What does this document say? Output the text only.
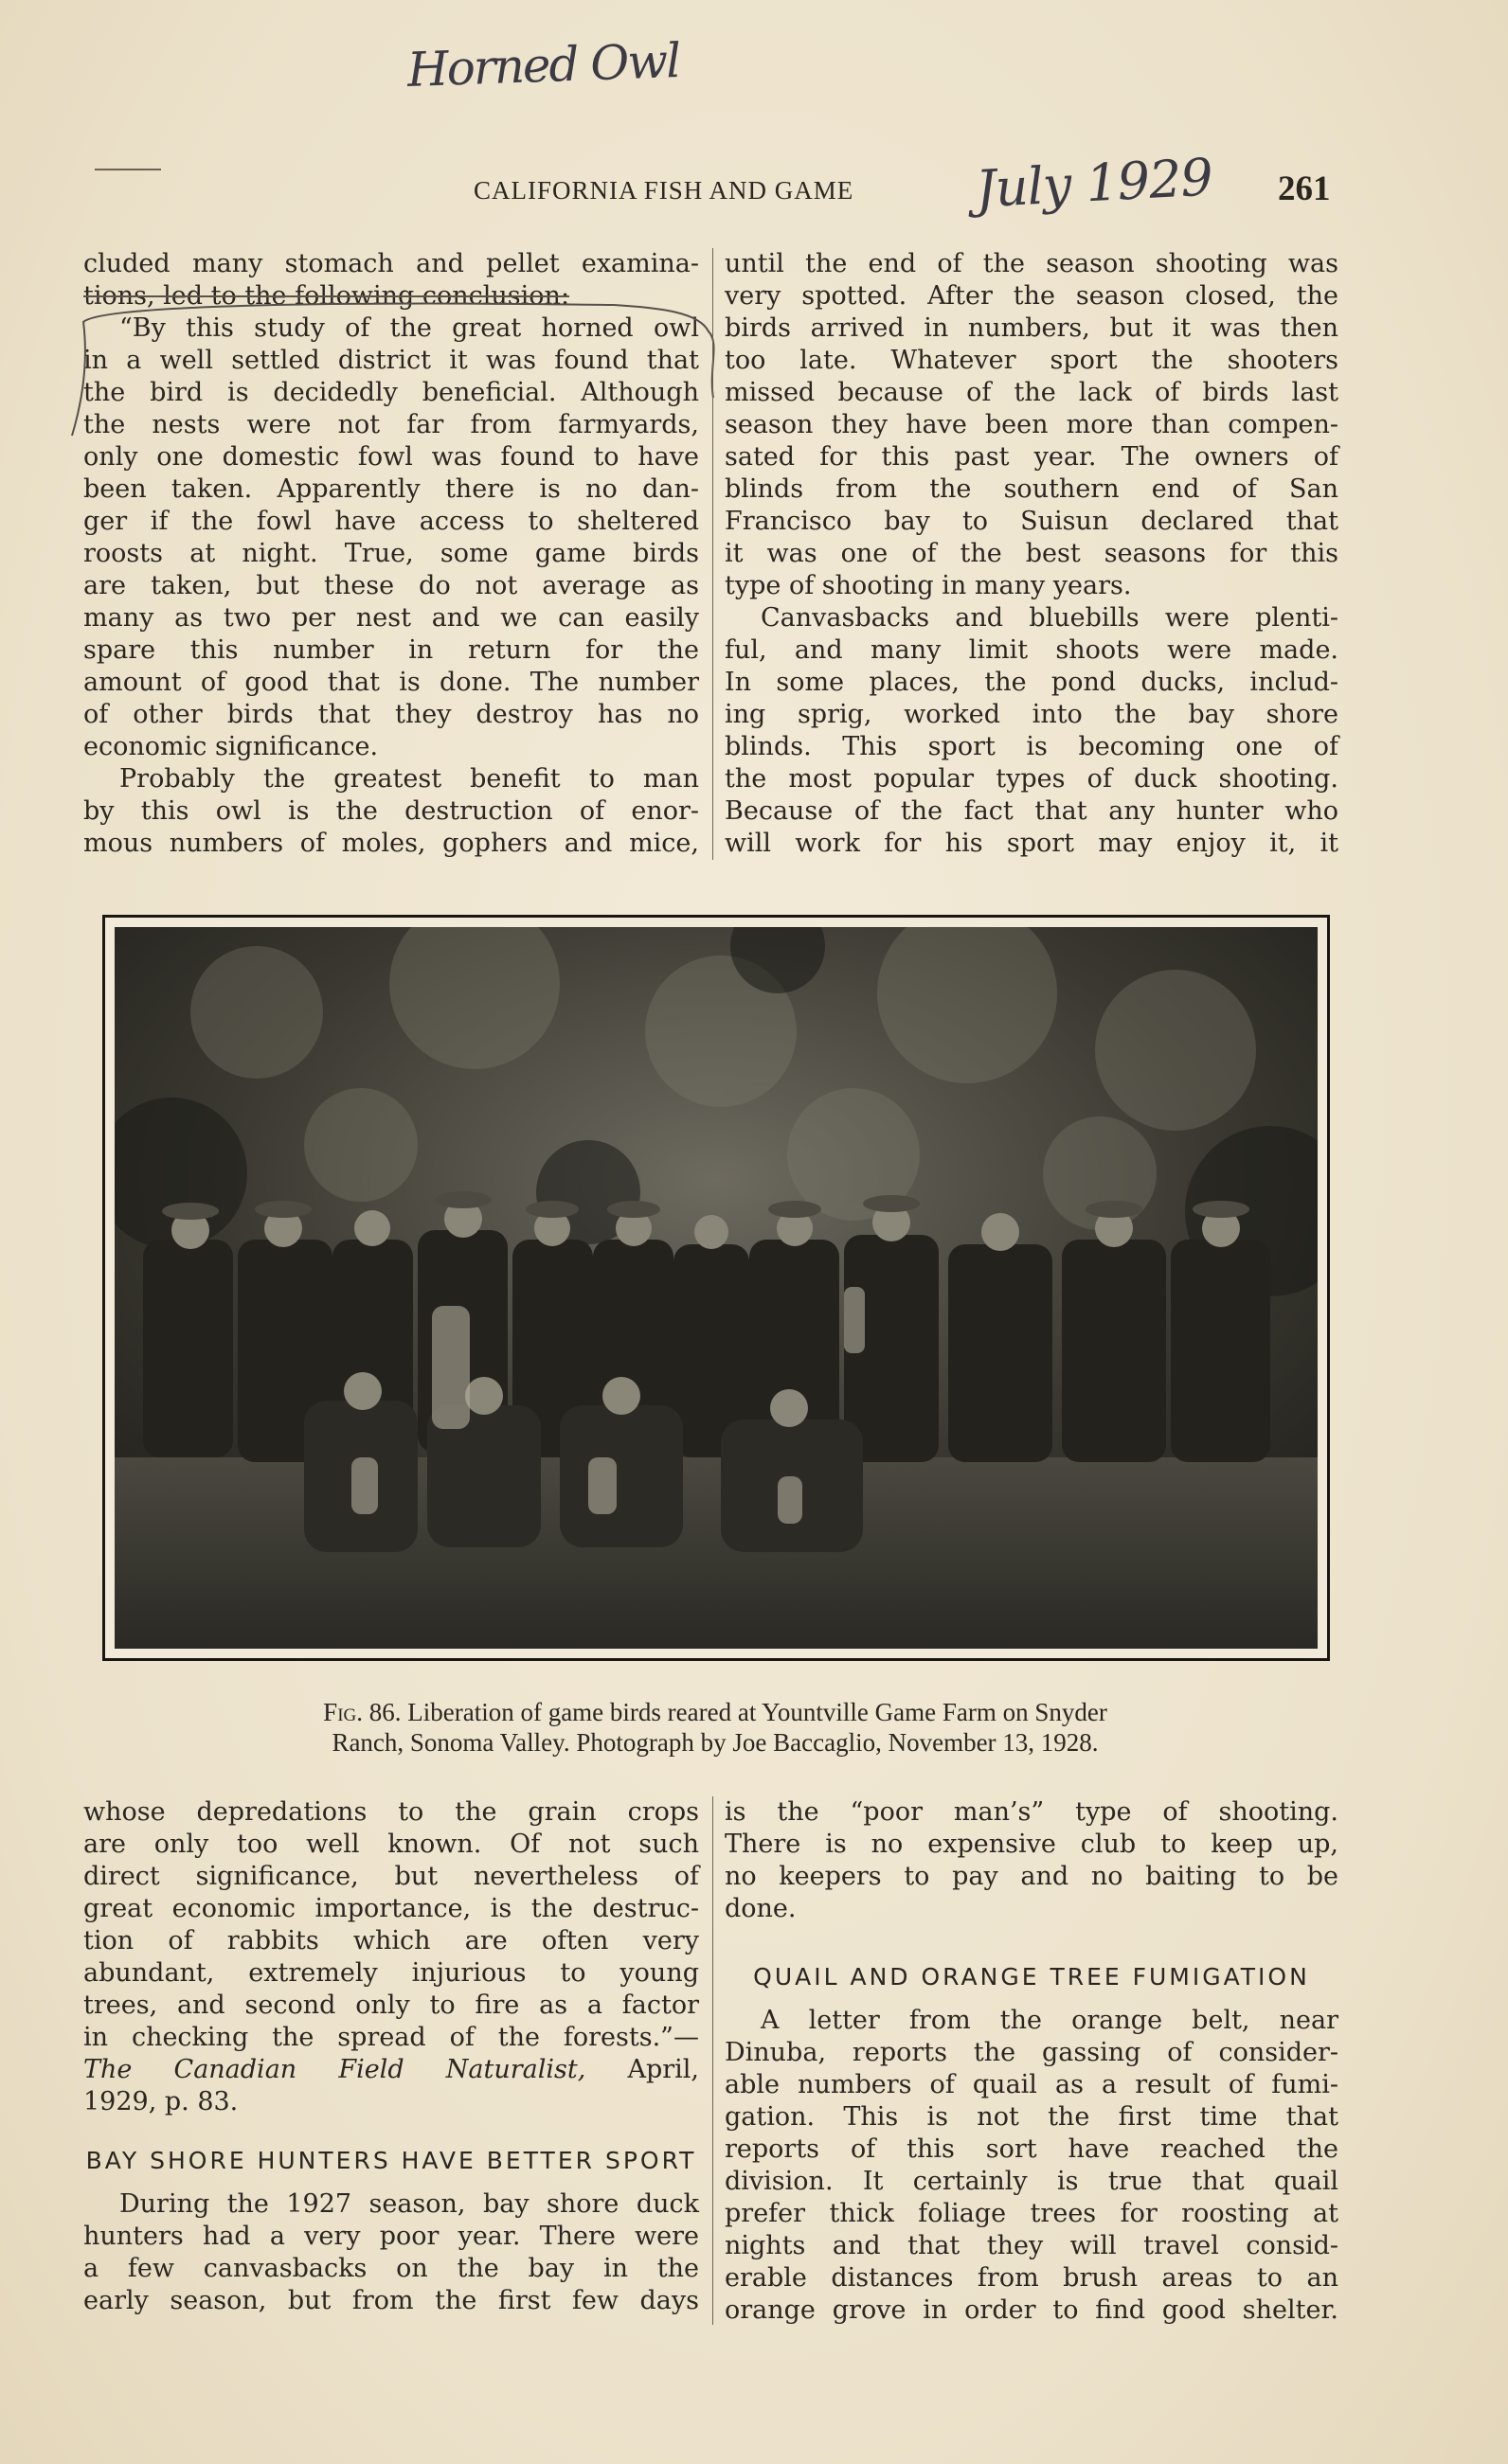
Horned Owl
CALIFORNIA FISH AND GAME July 1929 261
cluded many stomach and pellet examina-
tions, led to the following conclusion:
“By this study of the great horned owl
in a well settled district it was found that
the bird is decidedly beneficial. Although
the nests were not far from farmyards,
only one domestic fowl was found to have
been taken. Apparently there is no dan-
ger if the fowl have access to sheltered
roosts at night. True, some game birds
are taken, but these do not average as
many as two per nest and we can easily
spare this number in return for the
amount of good that is done. The number
of other birds that they destroy has no
economic significance.
Probably the greatest benefit to man
by this owl is the destruction of enor-
mous numbers of moles, gophers and mice,
until the end of the season shooting was
very spotted. After the season closed, the
birds arrived in numbers, but it was then
too late. Whatever sport the shooters
missed because of the lack of birds last
season they have been more than compen-
sated for this past year. The owners of
blinds from the southern end of San
Francisco bay to Suisun declared that
it was one of the best seasons for this
type of shooting in many years.
Canvasbacks and bluebills were plenti-
ful, and many limit shoots were made.
In some places, the pond ducks, includ-
ing sprig, worked into the bay shore
blinds. This sport is becoming one of
the most popular types of duck shooting.
Because of the fact that any hunter who
will work for his sport may enjoy it, it
Fig. 86. Liberation of game birds reared at Yountville Game Farm on Snyder
Ranch, Sonoma Valley. Photograph by Joe Baccaglio, November 13, 1928.
whose depredations to the grain crops
are only too well known. Of not such
direct significance, but nevertheless of
great economic importance, is the destruc-
tion of rabbits which are often very
abundant, extremely injurious to young
trees, and second only to fire as a factor
in checking the spread of the forests.”—
The Canadian Field Naturalist, April,
1929, p. 83.
BAY SHORE HUNTERS HAVE BETTER SPORT
During the 1927 season, bay shore duck
hunters had a very poor year. There were
a few canvasbacks on the bay in the
early season, but from the first few days
is the “poor man’s” type of shooting.
There is no expensive club to keep up,
no keepers to pay and no baiting to be
done.
QUAIL AND ORANGE TREE FUMIGATION
A letter from the orange belt, near
Dinuba, reports the gassing of consider-
able numbers of quail as a result of fumi-
gation. This is not the first time that
reports of this sort have reached the
division. It certainly is true that quail
prefer thick foliage trees for roosting at
nights and that they will travel consid-
erable distances from brush areas to an
orange grove in order to find good shelter.
